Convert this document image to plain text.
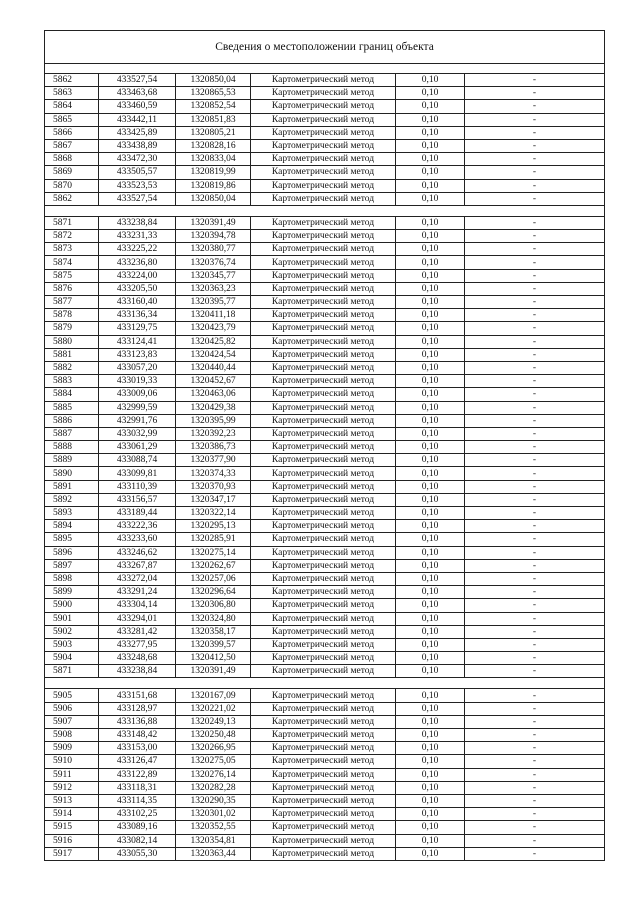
Сведения о местоположении границ объекта
5862	433527,54	1320850,04	Картометрический метод	0,10	-
5863	433463,68	1320865,53	Картометрический метод	0,10	-
5864	433460,59	1320852,54	Картометрический метод	0,10	-
5865	433442,11	1320851,83	Картометрический метод	0,10	-
5866	433425,89	1320805,21	Картометрический метод	0,10	-
5867	433438,89	1320828,16	Картометрический метод	0,10	-
5868	433472,30	1320833,04	Картометрический метод	0,10	-
5869	433505,57	1320819,99	Картометрический метод	0,10	-
5870	433523,53	1320819,86	Картометрический метод	0,10	-
5862	433527,54	1320850,04	Картометрический метод	0,10	-

5871	433238,84	1320391,49	Картометрический метод	0,10	-
5872	433231,33	1320394,78	Картометрический метод	0,10	-
5873	433225,22	1320380,77	Картометрический метод	0,10	-
5874	433236,80	1320376,74	Картометрический метод	0,10	-
5875	433224,00	1320345,77	Картометрический метод	0,10	-
5876	433205,50	1320363,23	Картометрический метод	0,10	-
5877	433160,40	1320395,77	Картометрический метод	0,10	-
5878	433136,34	1320411,18	Картометрический метод	0,10	-
5879	433129,75	1320423,79	Картометрический метод	0,10	-
5880	433124,41	1320425,82	Картометрический метод	0,10	-
5881	433123,83	1320424,54	Картометрический метод	0,10	-
5882	433057,20	1320440,44	Картометрический метод	0,10	-
5883	433019,33	1320452,67	Картометрический метод	0,10	-
5884	433009,06	1320463,06	Картометрический метод	0,10	-
5885	432999,59	1320429,38	Картометрический метод	0,10	-
5886	432991,76	1320395,99	Картометрический метод	0,10	-
5887	433032,99	1320392,23	Картометрический метод	0,10	-
5888	433061,29	1320386,73	Картометрический метод	0,10	-
5889	433088,74	1320377,90	Картометрический метод	0,10	-
5890	433099,81	1320374,33	Картометрический метод	0,10	-
5891	433110,39	1320370,93	Картометрический метод	0,10	-
5892	433156,57	1320347,17	Картометрический метод	0,10	-
5893	433189,44	1320322,14	Картометрический метод	0,10	-
5894	433222,36	1320295,13	Картометрический метод	0,10	-
5895	433233,60	1320285,91	Картометрический метод	0,10	-
5896	433246,62	1320275,14	Картометрический метод	0,10	-
5897	433267,87	1320262,67	Картометрический метод	0,10	-
5898	433272,04	1320257,06	Картометрический метод	0,10	-
5899	433291,24	1320296,64	Картометрический метод	0,10	-
5900	433304,14	1320306,80	Картометрический метод	0,10	-
5901	433294,01	1320324,80	Картометрический метод	0,10	-
5902	433281,42	1320358,17	Картометрический метод	0,10	-
5903	433277,95	1320399,57	Картометрический метод	0,10	-
5904	433248,68	1320412,50	Картометрический метод	0,10	-
5871	433238,84	1320391,49	Картометрический метод	0,10	-

5905	433151,68	1320167,09	Картометрический метод	0,10	-
5906	433128,97	1320221,02	Картометрический метод	0,10	-
5907	433136,88	1320249,13	Картометрический метод	0,10	-
5908	433148,42	1320250,48	Картометрический метод	0,10	-
5909	433153,00	1320266,95	Картометрический метод	0,10	-
5910	433126,47	1320275,05	Картометрический метод	0,10	-
5911	433122,89	1320276,14	Картометрический метод	0,10	-
5912	433118,31	1320282,28	Картометрический метод	0,10	-
5913	433114,35	1320290,35	Картометрический метод	0,10	-
5914	433102,25	1320301,02	Картометрический метод	0,10	-
5915	433089,16	1320352,55	Картометрический метод	0,10	-
5916	433082,14	1320354,81	Картометрический метод	0,10	-
5917	433055,30	1320363,44	Картометрический метод	0,10	-
